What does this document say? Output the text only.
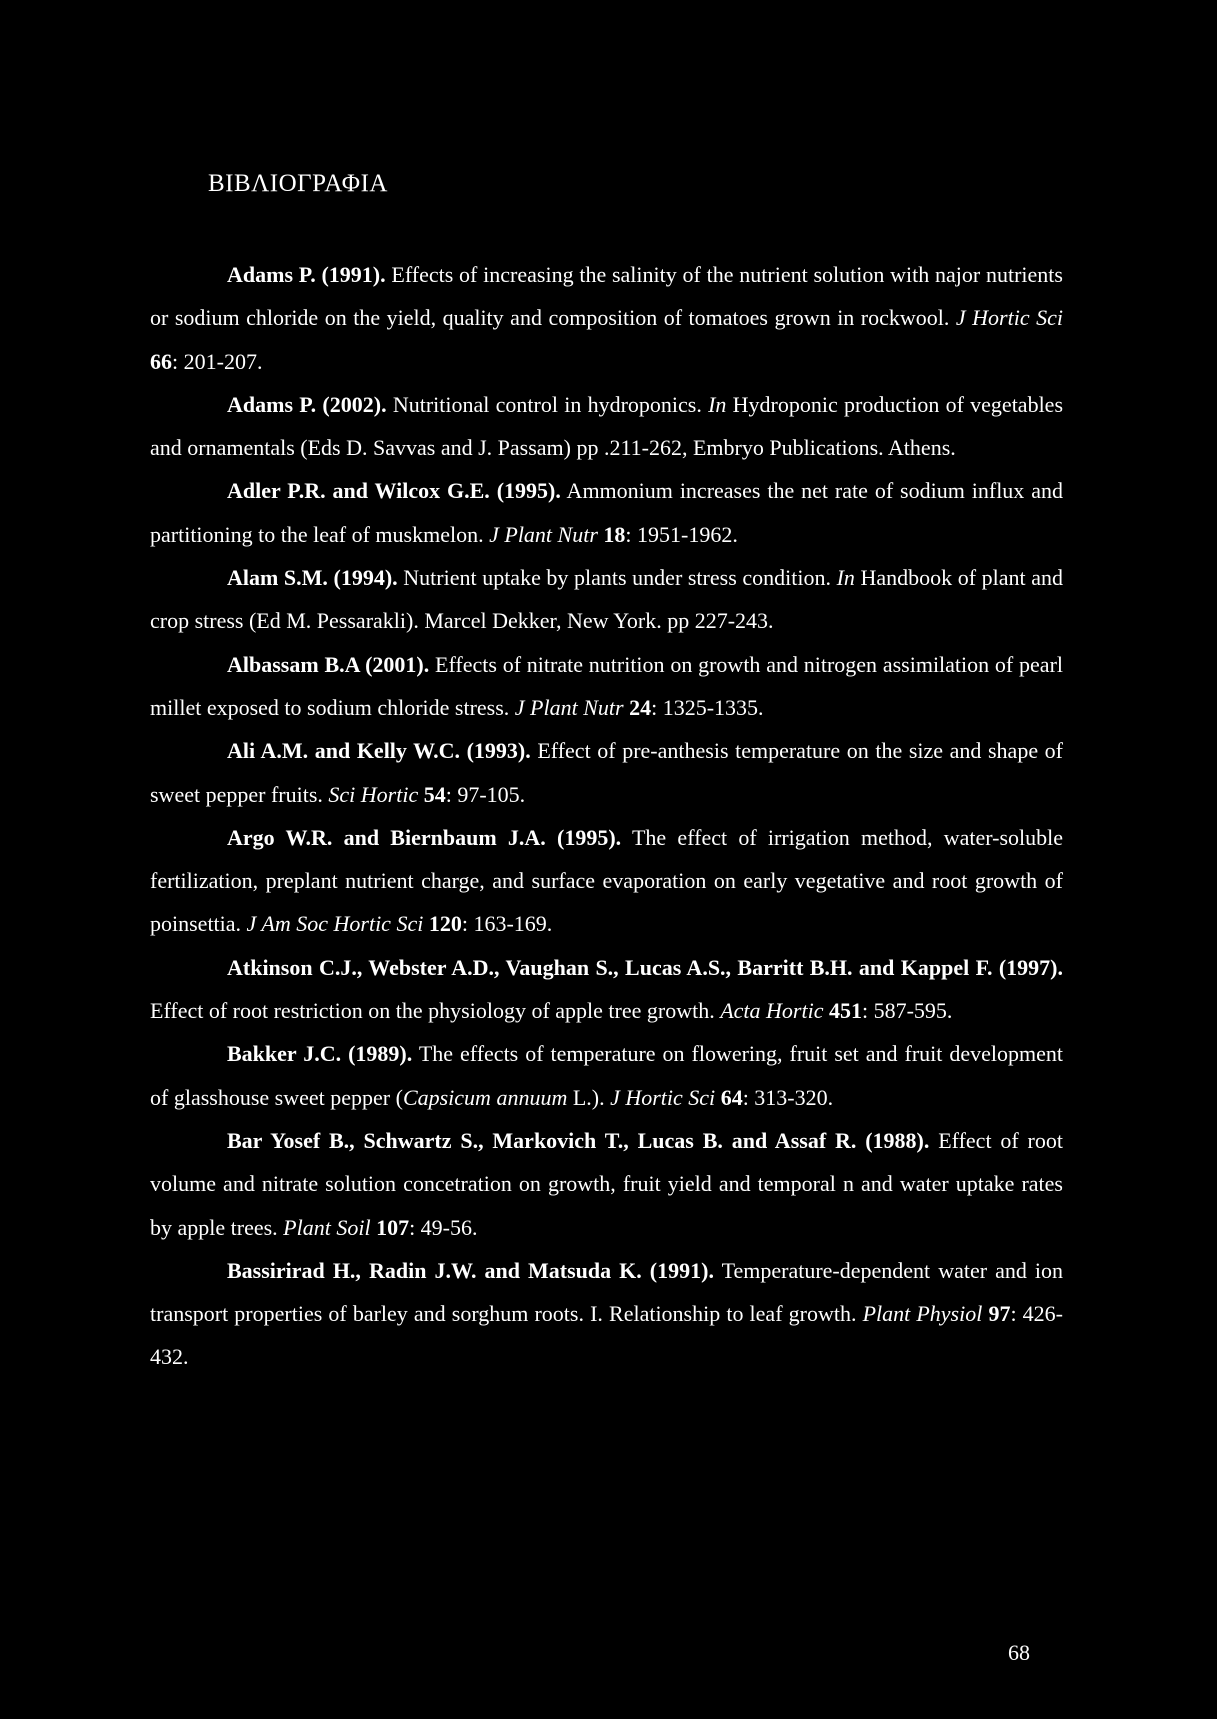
ΒΙΒΛΙΟΓΡΑΦΙΑ

Adams P. (1991). Effects of increasing the salinity of the nutrient solution with najor nutrients or sodium chloride on the yield, quality and composition of tomatoes grown in rockwool. J Hortic Sci 66: 201-207.

Adams P. (2002). Nutritional control in hydroponics. In Hydroponic production of vegetables and ornamentals (Eds D. Savvas and J. Passam) pp .211-262, Embryo Publications. Athens.

Adler P.R. and Wilcox G.E. (1995). Ammonium increases the net rate of sodium influx and partitioning to the leaf of muskmelon. J Plant Nutr 18: 1951-1962.

Alam S.M. (1994). Nutrient uptake by plants under stress condition. In Handbook of plant and crop stress (Ed M. Pessarakli). Marcel Dekker, New York. pp 227-243.

Albassam B.A (2001). Effects of nitrate nutrition on growth and nitrogen assimilation of pearl millet exposed to sodium chloride stress. J Plant Nutr 24: 1325-1335.

Ali A.M. and Kelly W.C. (1993). Effect of pre-anthesis temperature on the size and shape of sweet pepper fruits. Sci Hortic 54: 97-105.

Argo W.R. and Biernbaum J.A. (1995). The effect of irrigation method, water-soluble fertilization, preplant nutrient charge, and surface evaporation on early vegetative and root growth of poinsettia. J Am Soc Hortic Sci 120: 163-169.

Atkinson C.J., Webster A.D., Vaughan S., Lucas A.S., Barritt B.H. and Kappel F. (1997). Effect of root restriction on the physiology of apple tree growth. Acta Hortic 451: 587-595.

Bakker J.C. (1989). The effects of temperature on flowering, fruit set and fruit development of glasshouse sweet pepper (Capsicum annuum L.). J Hortic Sci 64: 313-320.

Bar Yosef B., Schwartz S., Markovich T., Lucas B. and Assaf R. (1988). Effect of root volume and nitrate solution concetration on growth, fruit yield and temporal n and water uptake rates by apple trees. Plant Soil 107: 49-56.

Bassirirad H., Radin J.W. and Matsuda K. (1991). Temperature-dependent water and ion transport properties of barley and sorghum roots. I. Relationship to leaf growth. Plant Physiol 97: 426-432.

68
